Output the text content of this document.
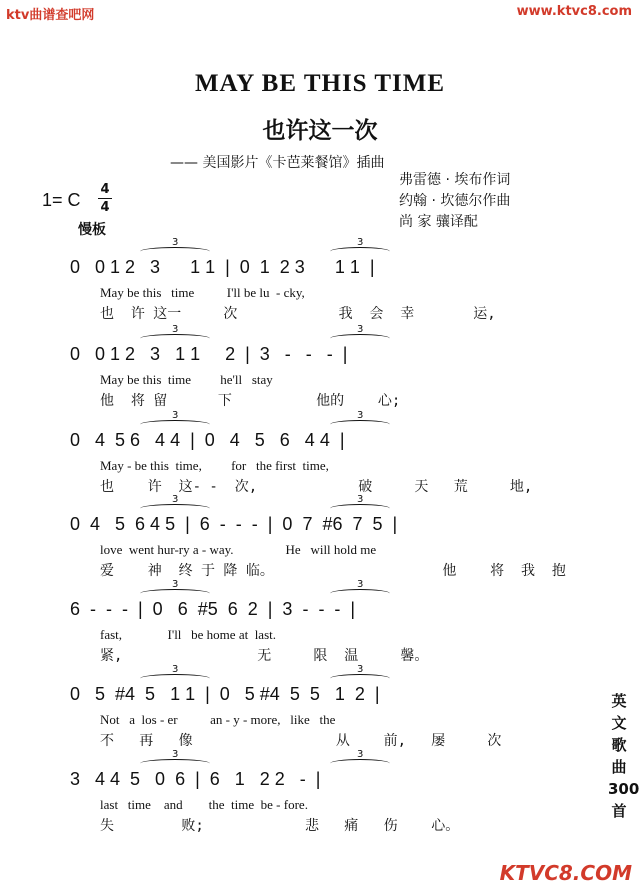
ktv曲谱查吧网	www.ktvc8.com
MAY BE THIS TIME
也许这一次
—— 美国影片《卡芭莱餐馆》插曲
1= C
4
4
慢板
弗雷德 · 埃布作词
约翰 · 坎德尔作曲
尚 家 骧译配
0   0 1 2   3      1 1  |  0  1  2 3      1 1  |
May be this   time          I'll be lu  - cky,
也  许 这一     次            我  会  幸       运,
3	3
0   0 1 2   3   1 1     2  |  3   -   -   -  |
May be this  time         he'll   stay
他  将 留      下          他的    心;
3	3
0   4  5 6   4 4  |  0   4   5   6   4 4  |
May - be this  time,         for   the first  time,
也    许  这- -  次,            破     天   荒     地,
3	3
0  4   5  6 4 5  |  6  -  -  -  |  0  7  #6  7  5  |
love  went hur-ry a - way.                He   will hold me
爱    神  终 于 降 临。                    他    将  我  抱
3	3
6  -  -  -  |  0   6  #5  6  2  |  3  -  -  -  |
fast,              I'll   be home at  last.
紧,                无     限  温     馨。
3	3
0   5  #4  5   1 1  |  0   5 #4  5  5   1  2  |
Not   a  los - er          an - y - more,   like   the
不   再   像                 从    前,   屡     次
3	3
3   4 4  5   0  6  |  6   1   2 2   -  |
last   time    and        the  time  be - fore.
失        败;            悲   痛   伤    心。
3	3
英文歌曲300首
KTVC8.COM
